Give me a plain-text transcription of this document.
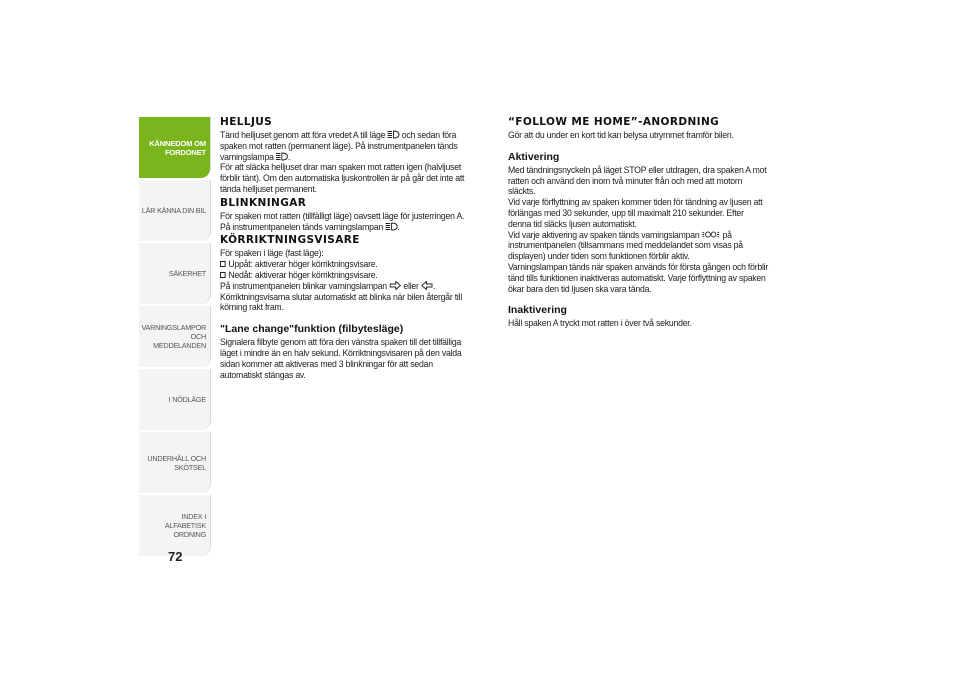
KÄNNEDOM OM FORDONET
LÄR KÄNNA DIN BIL
SÄKERHET
VARNINGSLAMPOR OCH MEDDELANDEN
I NÖDLÄGE
UNDERHÅLL OCH SKÖTSEL
INDEX I ALFABETISK ORDNING
72
HELLJUS

Tänd helljuset genom att föra vredet A till läge och sedan föra spaken mot ratten (permanent läge). På instrumentpanelen tänds varningslampa .

För att släcka helljuset drar man spaken mot ratten igen (halvljuset förblir tänt). Om den automatiska ljuskontrollen är på går det inte att tända helljuset permanent.

BLINKNINGAR

För spaken mot ratten (tillfälligt läge) oavsett läge för justerringen A. På instrumentpanelen tänds varningslampan .

KÖRRIKTNINGSVISARE

För spaken i läge (fast läge):

Uppåt: aktiverar höger körriktningsvisare.

Nedåt: aktiverar höger körriktningsvisare.

På instrumentpanelen blinkar varningslampan eller .

Körriktningsvisarna slutar automatiskt att blinka när bilen återgår till körning rakt fram.

"Lane change"funktion (filbytesläge)

Signalera filbyte genom att föra den vänstra spaken till det tillfälliga läget i mindre än en halv sekund. Körriktningsvisaren på den valda sidan kommer att aktiveras med 3 blinkningar för att sedan automatiskt stängas av.

“FOLLOW ME HOME”-ANORDNING

Gör att du under en kort tid kan belysa utrymmet framför bilen.

Aktivering

Med tändningsnyckeln på läget STOP eller utdragen, dra spaken A mot ratten och använd den inom två minuter från och med att motorn släckts.

Vid varje förflyttning av spaken kommer tiden för tändning av ljusen att förlängas med 30 sekunder, upp till maximalt 210 sekunder. Efter denna tid släcks ljusen automatiskt.

Vid varje aktivering av spaken tänds varningslampan på instrumentpanelen (tillsammans med meddelandet som visas på displayen) under tiden som funktionen förblir aktiv.

Varningslampan tänds när spaken används för första gången och förblir tänd tills funktionen inaktiveras automatiskt. Varje förflyttning av spaken ökar bara den tid ljusen ska vara tända.

Inaktivering

Håll spaken A tryckt mot ratten i över två sekunder.
